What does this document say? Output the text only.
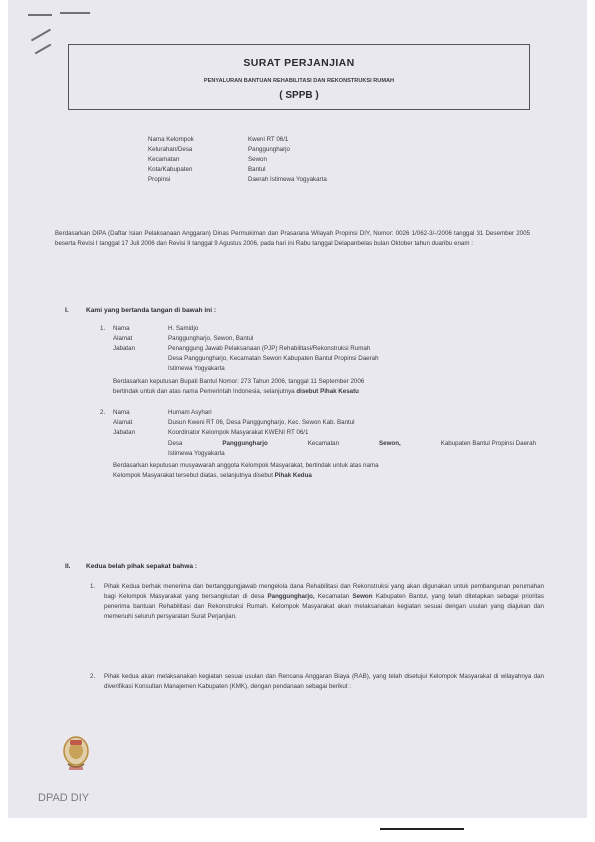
SURAT PERJANJIAN
PENYALURAN BANTUAN REHABILITASI DAN REKONSTRUKSI RUMAH
( SPPB )
Nama Kelompok	Kweni RT 06/1
Kelurahan/Desa	Panggungharjo
Kecamatan	Sewon
Kota/Kabupaten	Bantul
Propinsi	Daerah Istimewa Yogyakarta
Berdasarkan DIPA (Daftar Isian Pelaksanaan Anggaran) Dinas Permukiman dan Prasarana Wilayah Propinsi DIY, Nomor: 0026 1/062-3/-/2006 tanggal 31 Desember 2005 beserta Revisi I tanggal 17 Juli 2006 dan Revisi II tanggal 9 Agustus 2006, pada hari ini Rabu tanggal Delapanbelas bulan Oktober tahun duaribu enam :
I.	Kami yang bertanda tangan di bawah ini :
1. Nama	H. Samidjo
Alamat	Panggungharjo, Sewon, Bantul
Jabatan	Penanggung Jawab Pelaksanaan (PJP) Rehabilitasi/Rekonstruksi Rumah
Desa Panggungharjo, Kecamatan Sewon Kabupaten Bantul Propinsi Daerah
Istimewa Yogyakarta
Berdasarkan keputusan Bupati Bantul Nomor: 273 Tahun 2006, tanggal 11 September 2006
bertindak untuk dan atas nama Pemerintah Indonesia, selanjutnya disebut Pihak Kesatu
2. Nama	Humam Asyhari
Alamat	Dusun Kweni RT 06, Desa Panggungharjo, Kec. Sewon Kab. Bantul
Jabatan	Koordinator Kelompok Masyarakat KWENI RT 06/1
Desa	Panggungharjo	Kecamatan	Sewon,	Kabupaten Bantul Propinsi Daerah
Istimewa Yogyakarta
Berdasarkan keputusan musyawarah anggota Kelompok Masyarakat, bertindak untuk atas nama
Kelompok Masyarakat tersebut diatas, selanjutnya disebut Pihak Kedua
II. Kedua belah pihak sepakat bahwa :
1. Pihak Kedua berhak menerima dan bertanggungjawab mengelola dana Rehabilitasi dan Rekonstruksi yang akan digunakan untuk pembangunan perumahan bagi Kelompok Masyarakat yang bersangkutan di desa Panggungharjo, Kecamatan Sewon Kabupaten Bantul, yang telah ditetapkan sebagai prioritas penerima bantuan Rehabilitasi dan Rekonstruksi Rumah. Kelompok Masyarakat akan melaksanakan kegiatan sesuai dengan usulan yang diajukan dan memenuhi seluruh persyaratan Surat Perjanjian.
2. Pihak kedua akan melaksanakan kegiatan sesuai usulan dan Rencana Anggaran Biaya (RAB), yang telah disetujui Kelompok Masyarakat di wilayahnya dan diverifikasi Konsultan Manajemen Kabupaten (KMK), dengan pendanaan sebagai berikut :
DPAD DIY
